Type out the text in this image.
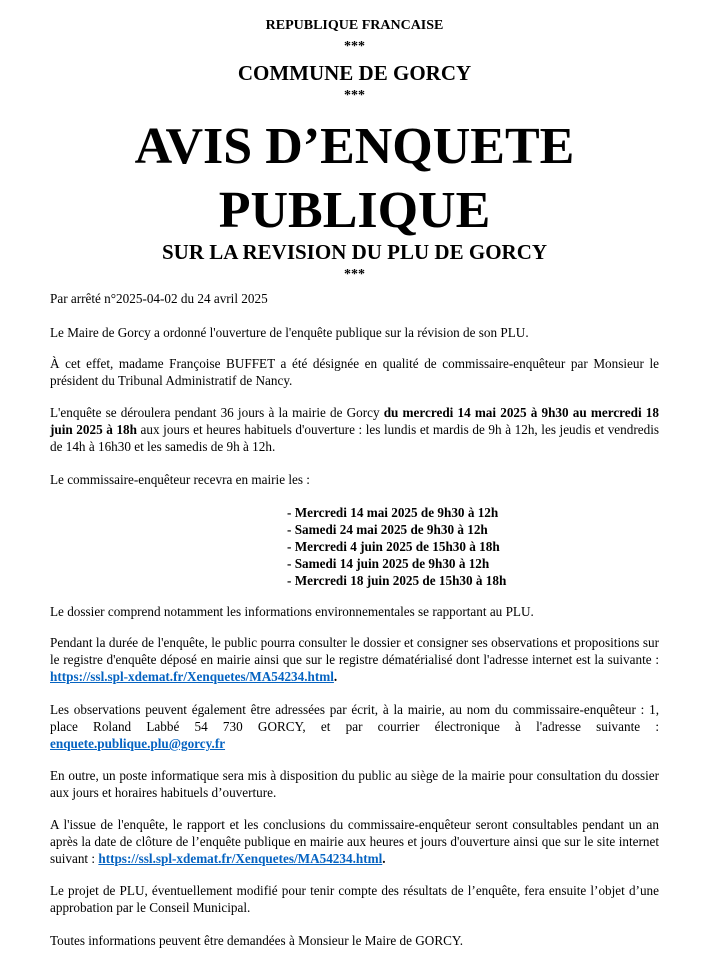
REPUBLIQUE FRANCAISE
***
COMMUNE DE GORCY
***
AVIS D’ENQUETE
PUBLIQUE
SUR LA REVISION DU PLU DE GORCY
***

Par arrêté n°2025-04-02 du 24 avril 2025

Le Maire de Gorcy a ordonné l'ouverture de l'enquête publique sur la révision de son PLU.

À cet effet, madame Françoise BUFFET a été désignée en qualité de commissaire-enquêteur par Monsieur le président du Tribunal Administratif de Nancy.

L'enquête se déroulera pendant 36 jours à la mairie de Gorcy du mercredi 14 mai 2025 à 9h30 au mercredi 18 juin 2025 à 18h aux jours et heures habituels d'ouverture : les lundis et mardis de 9h à 12h, les jeudis et vendredis de 14h à 16h30 et les samedis de 9h à 12h.

Le commissaire-enquêteur recevra en mairie les :

- Mercredi 14 mai 2025 de 9h30 à 12h
- Samedi 24 mai 2025 de 9h30 à 12h
- Mercredi 4 juin 2025 de 15h30 à 18h
- Samedi 14 juin 2025 de 9h30 à 12h
- Mercredi 18 juin 2025 de 15h30 à 18h

Le dossier comprend notamment les informations environnementales se rapportant au PLU.

Pendant la durée de l'enquête, le public pourra consulter le dossier et consigner ses observations et propositions sur le registre d'enquête déposé en mairie ainsi que sur le registre dématérialisé dont l'adresse internet est la suivante : https://ssl.spl-xdemat.fr/Xenquetes/MA54234.html.

Les observations peuvent également être adressées par écrit, à la mairie, au nom du commissaire-enquêteur : 1, place Roland Labbé 54 730 GORCY, et par courrier électronique à l'adresse suivante : enquete.publique.plu@gorcy.fr

En outre, un poste informatique sera mis à disposition du public au siège de la mairie pour consultation du dossier aux jours et horaires habituels d’ouverture.

A l'issue de l'enquête, le rapport et les conclusions du commissaire-enquêteur seront consultables pendant un an après la date de clôture de l’enquête publique en mairie aux heures et jours d'ouverture ainsi que sur le site internet suivant : https://ssl.spl-xdemat.fr/Xenquetes/MA54234.html.

Le projet de PLU, éventuellement modifié pour tenir compte des résultats de l’enquête, fera ensuite l’objet d’une approbation par le Conseil Municipal.

Toutes informations peuvent être demandées à Monsieur le Maire de GORCY.
